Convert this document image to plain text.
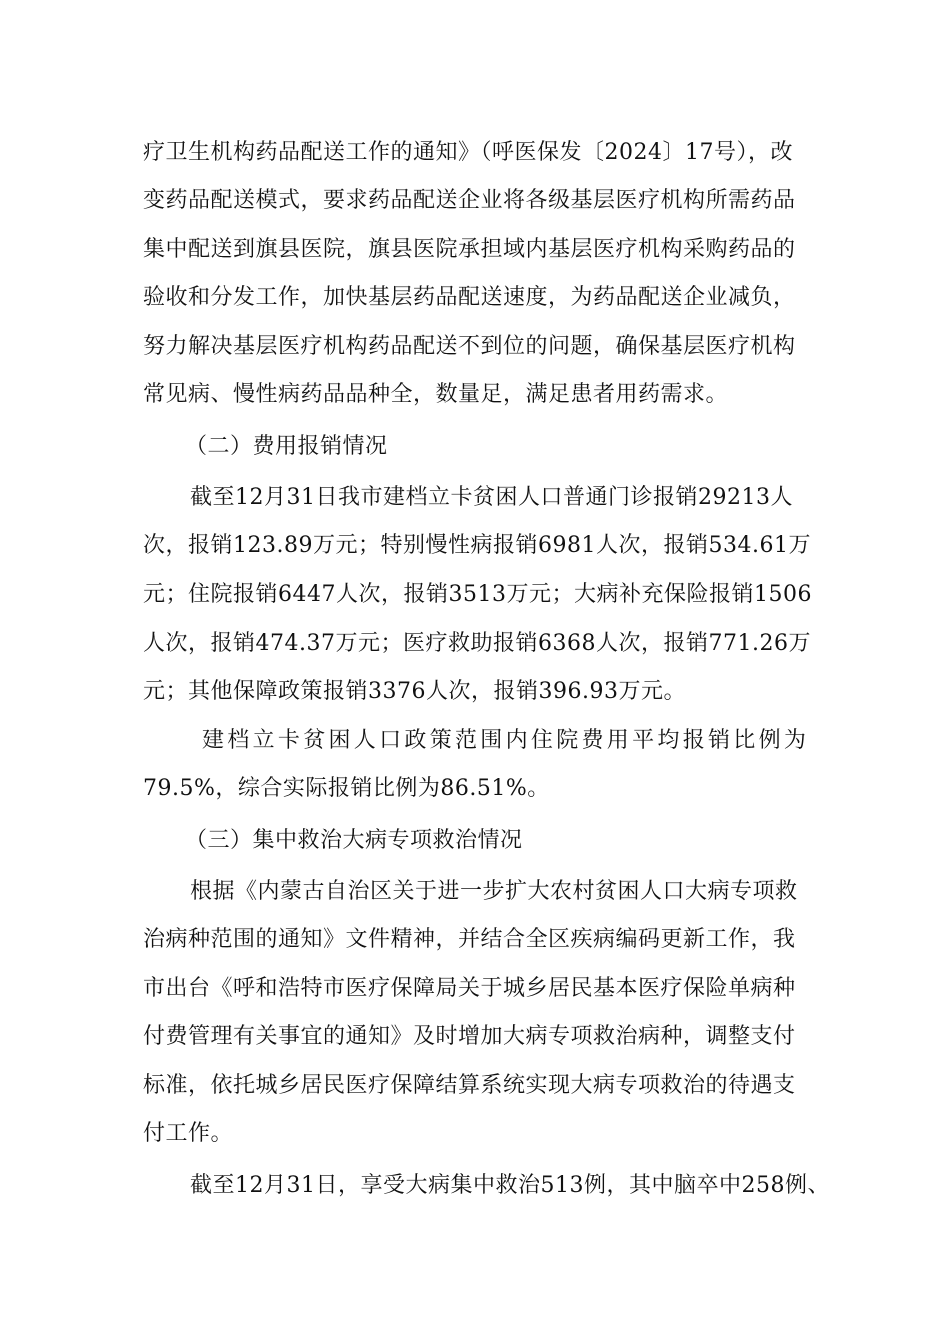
疗卫生机构药品配送工作的通知》（呼医保发〔2024〕17号），改
变药品配送模式，要求药品配送企业将各级基层医疗机构所需药品
集中配送到旗县医院，旗县医院承担域内基层医疗机构采购药品的
验收和分发工作，加快基层药品配送速度，为药品配送企业减负，
努力解决基层医疗机构药品配送不到位的问题，确保基层医疗机构
常见病、慢性病药品品种全，数量足，满足患者用药需求。
（二）费用报销情况
截至12月31日我市建档立卡贫困人口普通门诊报销29213人
次，报销123.89万元；特别慢性病报销6981人次，报销534.61万
元；住院报销6447人次，报销3513万元；大病补充保险报销1506
人次，报销474.37万元；医疗救助报销6368人次，报销771.26万
元；其他保障政策报销3376人次，报销396.93万元。
建档立卡贫困人口政策范围内住院费用平均报销比例为
79.5%，综合实际报销比例为86.51%。
（三）集中救治大病专项救治情况
根据《内蒙古自治区关于进一步扩大农村贫困人口大病专项救
治病种范围的通知》文件精神，并结合全区疾病编码更新工作，我
市出台《呼和浩特市医疗保障局关于城乡居民基本医疗保险单病种
付费管理有关事宜的通知》及时增加大病专项救治病种，调整支付
标准，依托城乡居民医疗保障结算系统实现大病专项救治的待遇支
付工作。
截至12月31日，享受大病集中救治513例，其中脑卒中258例、
